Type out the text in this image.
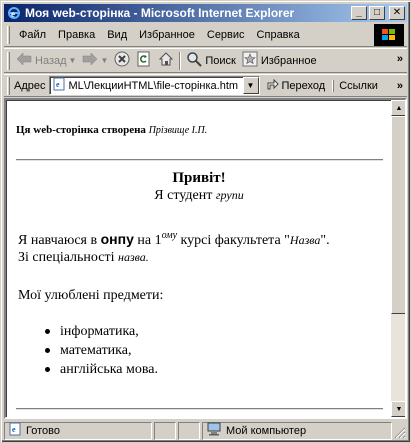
e Моя web-сторінка - Microsoft Internet Explorer	_	□	✕
Файл	Правка	Вид	Избранное	Сервис	Справка
Назад ▼	▼	Поиск Избранное	»
Адрес e ML\ЛекцииHTML\file-сторінка.htm	▼	Переход	Ссылки »
Ця web-сторінка створена Прізвище І.П.
Привіт!
Я студент групи
Я навчаюся в онпу на $1^{ому}$ курсі факультета "Назва".
Зі спеціальності назва.
Мої улюблені предмети:
інформатика,
математика,
англійська мова.
▲
▼
e Готово	Мой компьютер
